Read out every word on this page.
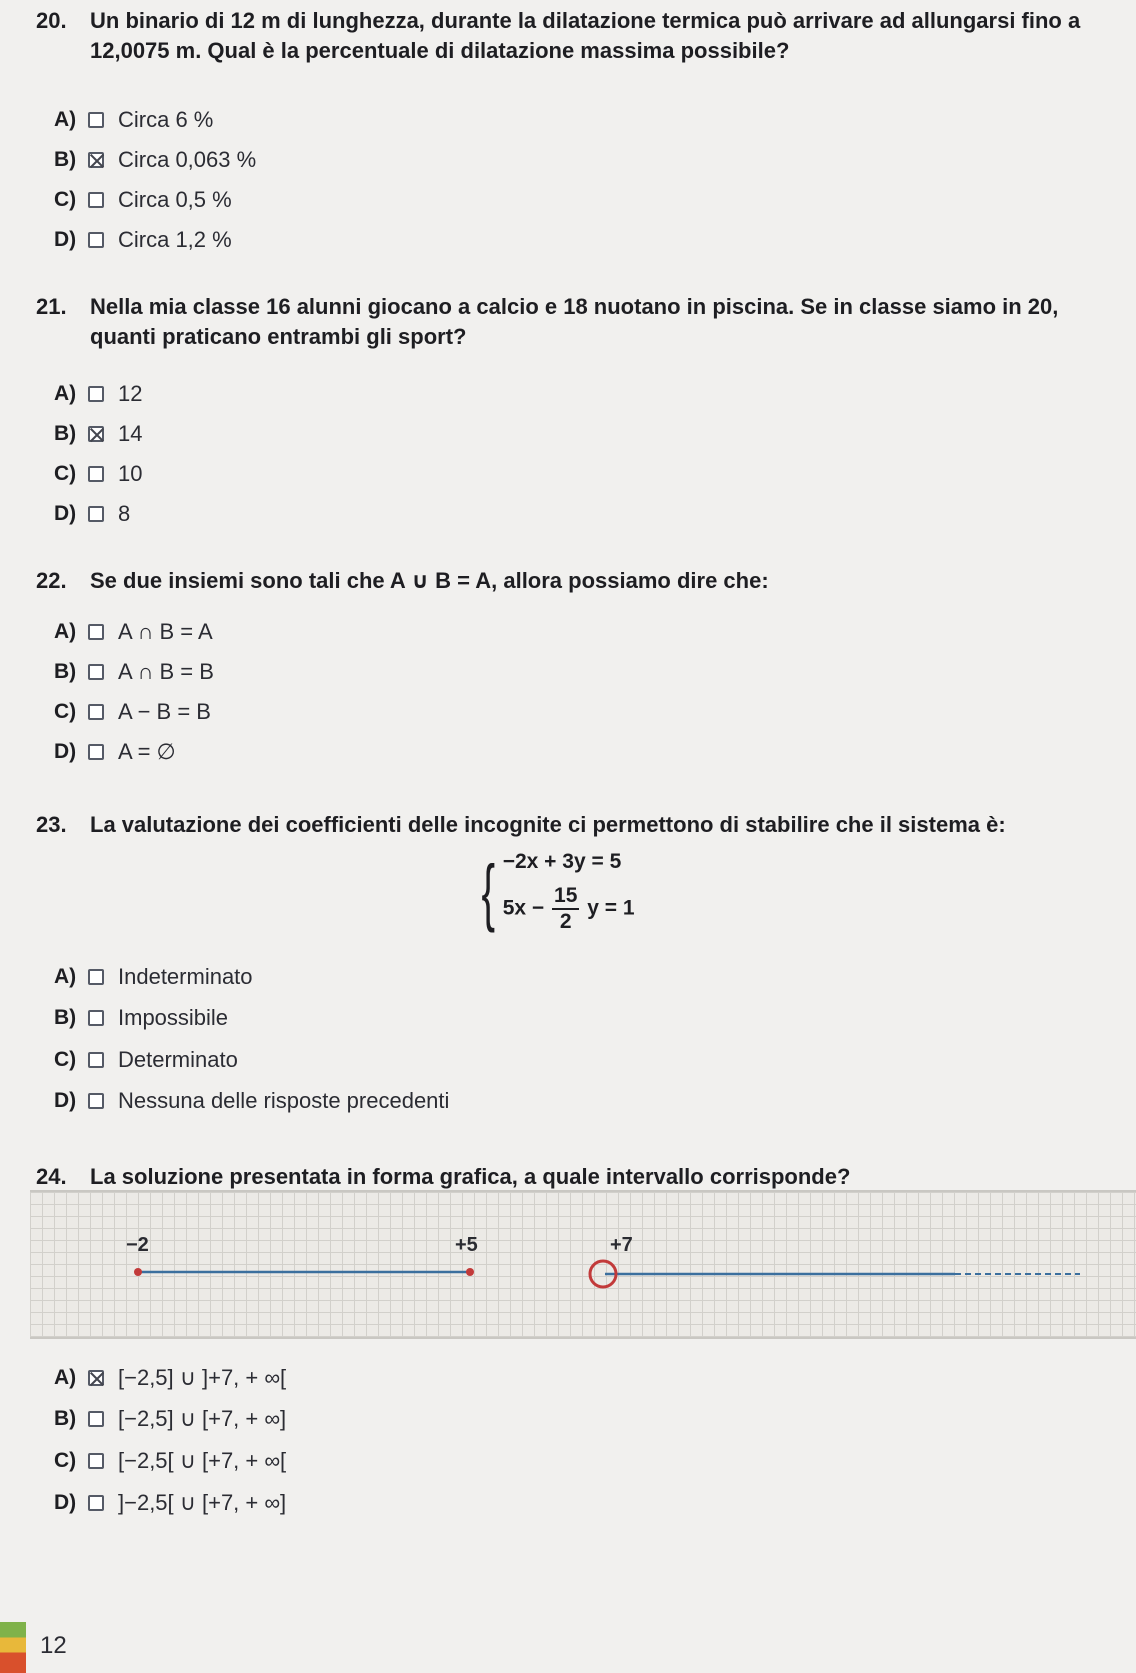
20. Un binario di 12 m di lunghezza, durante la dilatazione termica può arrivare ad allungarsi fino a 12,0075 m. Qual è la percentuale di dilatazione massima possibile?
A)	Circa 6 %
B)	Circa 0,063 %
C)	Circa 0,5 %
D)	Circa 1,2 %
21. Nella mia classe 16 alunni giocano a calcio e 18 nuotano in piscina. Se in classe siamo in 20, quanti praticano entrambi gli sport?
A)	12
B)	14
C)	10
D)	8
22. Se due insiemi sono tali che A ∪ B = A, allora possiamo dire che:
A)	A ∩ B = A
B)	A ∩ B = B
C)	A − B = B
D)	A = ∅
23. La valutazione dei coefficienti delle incognite ci permettono di stabilire che il sistema è:
{ −2x + 3y = 5
$5x - \frac{15}{2}$ y = 1
A)	Indeterminato
B)	Impossibile
C)	Determinato
D)	Nessuna delle risposte precedenti
24. La soluzione presentata in forma grafica, a quale intervallo corrisponde?
−2	+5	+7
A)	[−2,5] ∪ ]+7, + ∞[
B)	[−2,5] ∪ [+7, + ∞]
C)	[−2,5[ ∪ [+7, + ∞[
D)	]−2,5[ ∪ [+7, + ∞]
12
